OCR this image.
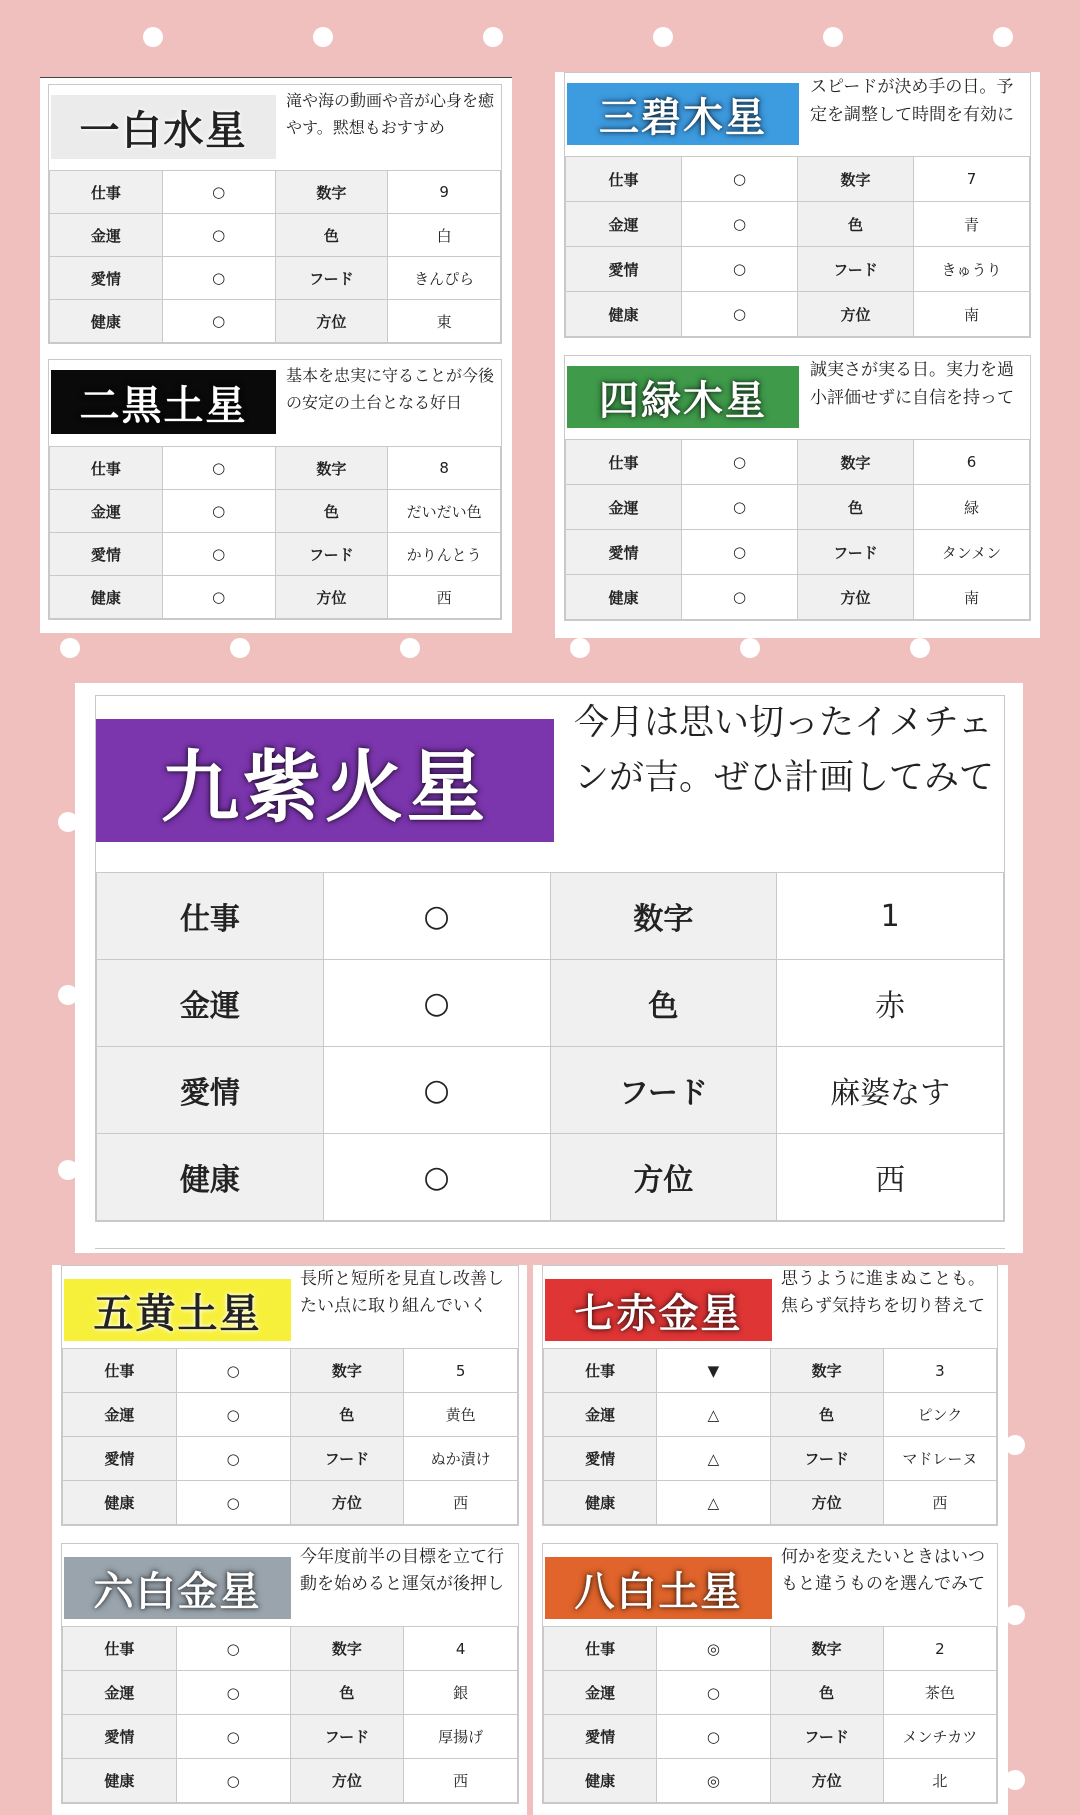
一白水星
滝や海の動画や音が心身を癒やす。黙想もおすすめ
仕事	○	数字	9
金運	○	色	白
愛情	○	フード	きんぴら
健康	○	方位	東
二黒土星
基本を忠実に守ることが今後の安定の土台となる好日
仕事	○	数字	8
金運	○	色	だいだい色
愛情	○	フード	かりんとう
健康	○	方位	西
三碧木星
スピードが決め手の日。予定を調整して時間を有効に
仕事	○	数字	7
金運	○	色	青
愛情	○	フード	きゅうり
健康	○	方位	南
四緑木星
誠実さが実る日。実力を過小評価せずに自信を持って
仕事	○	数字	6
金運	○	色	緑
愛情	○	フード	タンメン
健康	○	方位	南
九紫火星
今月は思い切ったイメチェンが吉。ぜひ計画してみて
仕事	○	数字	1
金運	○	色	赤
愛情	○	フード	麻婆なす
健康	○	方位	西
五黄土星
長所と短所を見直し改善したい点に取り組んでいく
仕事	○	数字	5
金運	○	色	黄色
愛情	○	フード	ぬか漬け
健康	○	方位	西
六白金星
今年度前半の目標を立て行動を始めると運気が後押し
仕事	○	数字	4
金運	○	色	銀
愛情	○	フード	厚揚げ
健康	○	方位	西
七赤金星
思うように進まぬことも。焦らず気持ちを切り替えて
仕事	▼	数字	3
金運	△	色	ピンク
愛情	△	フード	マドレーヌ
健康	△	方位	西
八白土星
何かを変えたいときはいつもと違うものを選んでみて
仕事	◎	数字	2
金運	○	色	茶色
愛情	○	フード	メンチカツ
健康	◎	方位	北
